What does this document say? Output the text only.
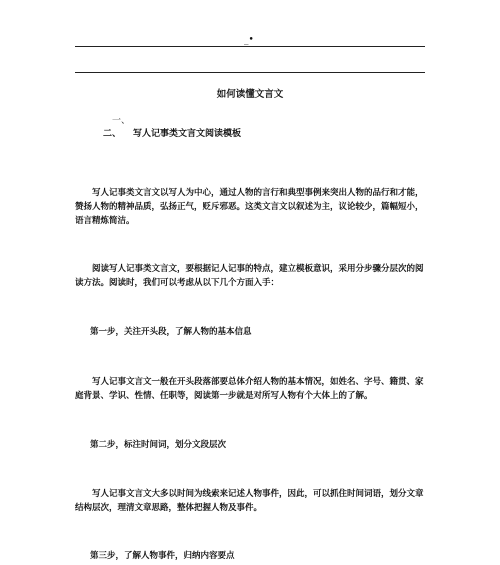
_•
如何读懂文言文
一、
二、 写人记事类文言文阅读模板

写人记事类文言文以写人为中心，通过人物的言行和典型事例来突出人物的品行和才能，赞扬人物的精神品质，弘扬正气，贬斥邪恶。这类文言文以叙述为主，议论较少，篇幅短小，语言精炼简洁。

阅读写人记事类文言文，要根据记人记事的特点，建立模板意识，采用分步骤分层次的阅读方法。阅读时，我们可以考虑从以下几个方面入手：

第一步，关注开头段，了解人物的基本信息

写人记事文言文一般在开头段落部要总体介绍人物的基本情况，如姓名、字号、籍贯、家庭背景、学识、性情、任职等，阅读第一步就是对所写人物有个大体上的了解。

第二步，标注时间词，划分文段层次

写人记事文言文大多以时间为线索来记述人物事件，因此，可以抓住时间词语，划分文章结构层次，理清文章思路，整体把握人物及事件。

第三步，了解人物事件，归纳内容要点
